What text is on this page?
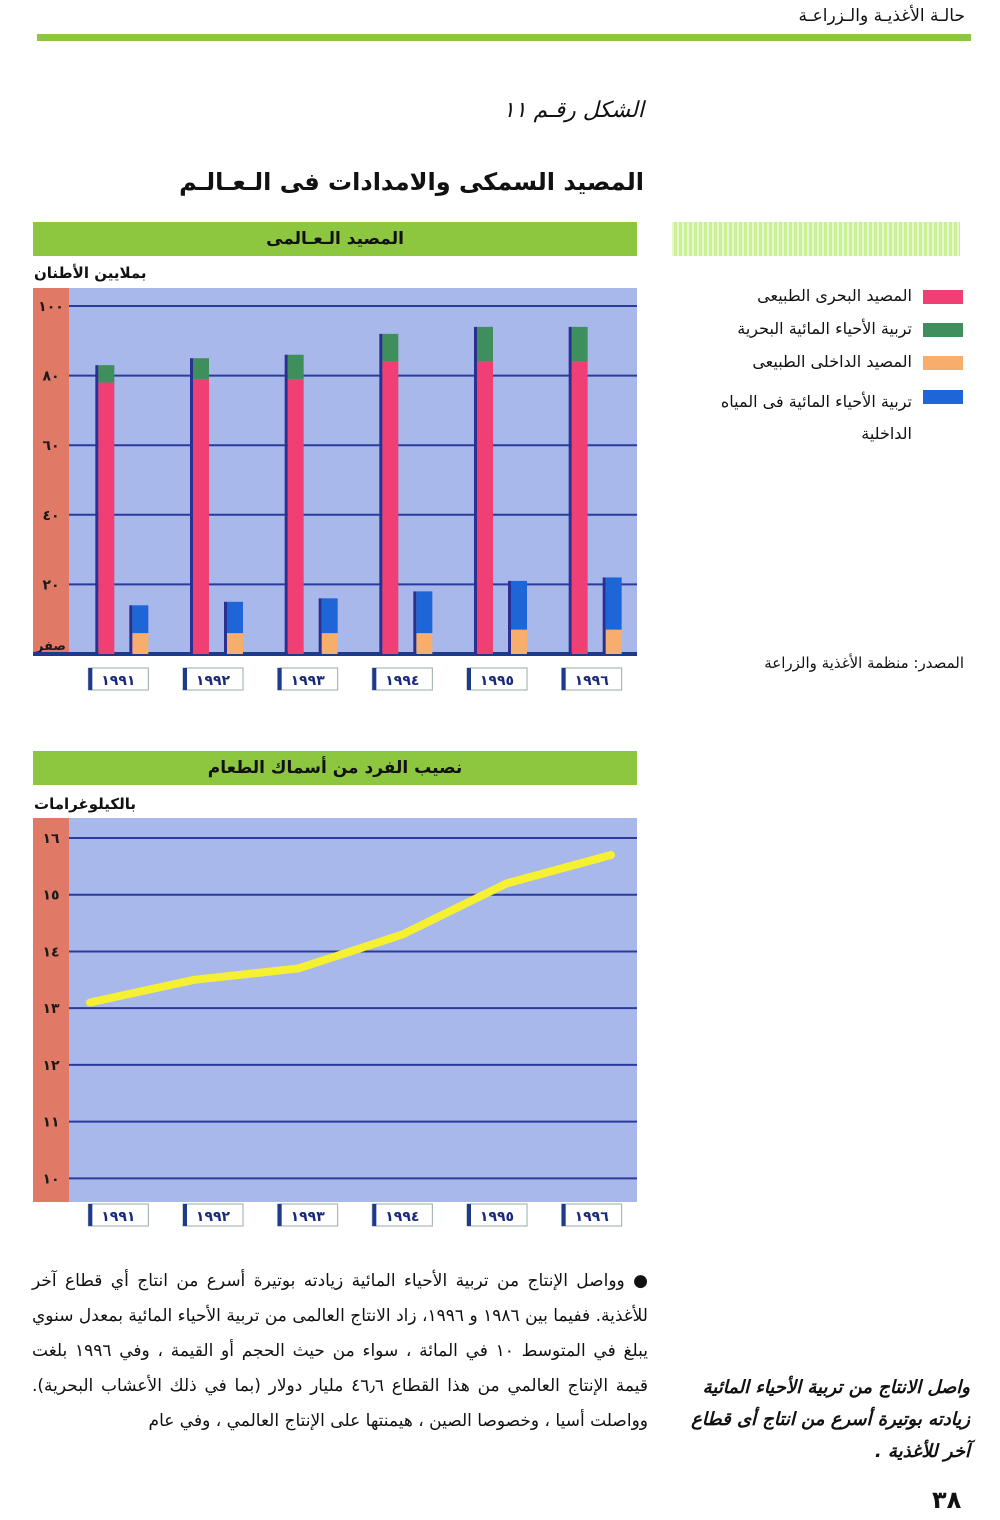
حالـة الأغذيـة والـزراعـة
الشكل رقـم ١١
المصيد السمكى والامدادات فى الـعـالـم
المصيد الـعـالمى
بملايين الأطنان
صفر
٢٠
٤٠
٦٠
٨٠
١٠٠
١٩٩١	١٩٩٢	١٩٩٣	١٩٩٤	١٩٩٥	١٩٩٦
المصيد البحرى الطبيعى
تربية الأحياء المائية البحرية
المصيد الداخلى الطبيعى
تربية الأحياء المائية فى المياه الداخلية
المصدر: منظمة الأغذية والزراعة
نصيب الفرد من أسماك الطعام
بالكيلوغرامات
١٠
١١
١٢
١٣
١٤
١٥
١٦
١٩٩١	١٩٩٢	١٩٩٣	١٩٩٤	١٩٩٥	١٩٩٦
● وواصل الإنتاج من تربية الأحياء المائية زيادته بوتيرة أسرع من انتاج أي قطاع آخر للأغذية. ففيما بين ١٩٨٦ و ١٩٩٦، زاد الانتاج العالمى من تربية الأحياء المائية بمعدل سنوي يبلغ في المتوسط ١٠ في المائة ، سواء من حيث الحجم أو القيمة ، وفي ١٩٩٦ بلغت قيمة الإنتاج العالمي من هذا القطاع ٤٦٫٦ مليار دولار (بما في ذلك الأعشاب البحرية). وواصلت أسيا ، وخصوصا الصين ، هيمنتها على الإنتاج العالمي ، وفي عام
واصل الانتاج من تربية الأحياء المائية زيادته بوتيرة أسرع من انتاج أى قطاع آخر للأغذية .
٣٨
